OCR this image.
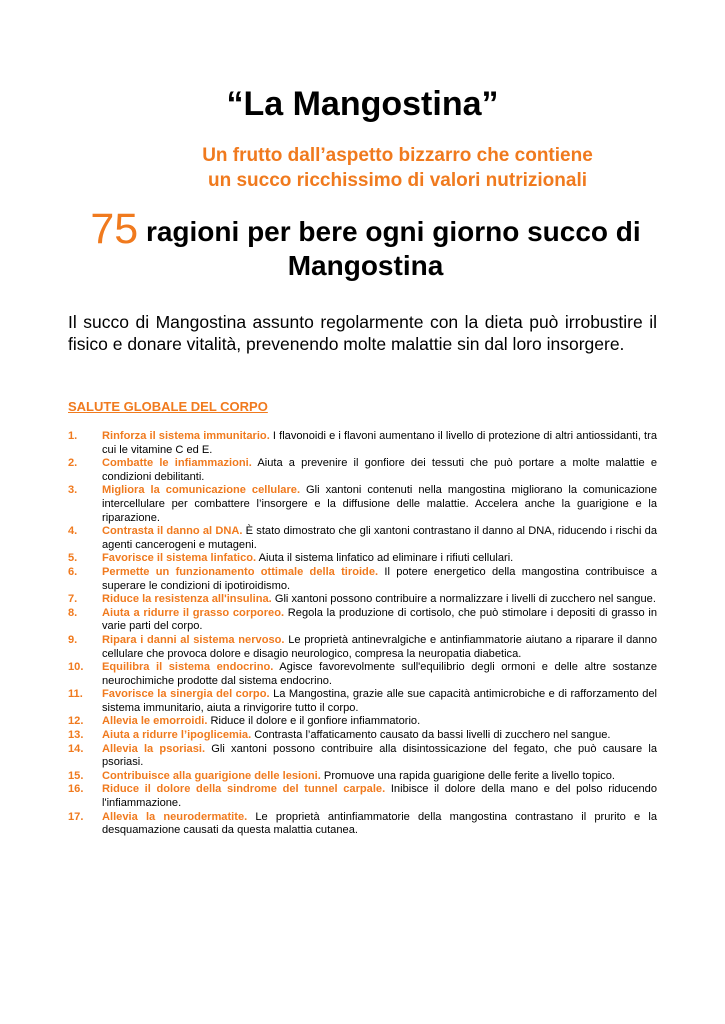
“La Mangostina”

Un frutto dall’aspetto bizzarro che contiene
un succo ricchissimo di valori nutrizionali

75 ragioni per bere ogni giorno succo di Mangostina

Il succo di Mangostina assunto regolarmente con la dieta può irrobustire il fisico e donare vitalità, prevenendo molte malattie sin dal loro insorgere.

SALUTE GLOBALE DEL CORPO

1. Rinforza il sistema immunitario. I flavonoidi e i flavoni aumentano il livello di protezione di altri antiossidanti, tra cui le vitamine C ed E.
2. Combatte le infiammazioni. Aiuta a prevenire il gonfiore dei tessuti che può portare a molte malattie e condizioni debilitanti.
3. Migliora la comunicazione cellulare. Gli xantoni contenuti nella mangostina migliorano la comunicazione intercellulare per combattere l’insorgere e la diffusione delle malattie. Accelera anche la guarigione e la riparazione.
4. Contrasta il danno al DNA. È stato dimostrato che gli xantoni contrastano il danno al DNA, riducendo i rischi da agenti cancerogeni e mutageni.
5. Favorisce il sistema linfatico. Aiuta il sistema linfatico ad eliminare i rifiuti cellulari.
6. Permette un funzionamento ottimale della tiroide. Il potere energetico della mangostina contribuisce a superare le condizioni di ipotiroidismo.
7. Riduce la resistenza all'insulina. Gli xantoni possono contribuire a normalizzare i livelli di zucchero nel sangue.
8. Aiuta a ridurre il grasso corporeo. Regola la produzione di cortisolo, che può stimolare i depositi di grasso in varie parti del corpo.
9. Ripara i danni al sistema nervoso. Le proprietà antinevralgiche e antinfiammatorie aiutano a riparare il danno cellulare che provoca dolore e disagio neurologico, compresa la neuropatia diabetica.
10. Equilibra il sistema endocrino. Agisce favorevolmente sull'equilibrio degli ormoni e delle altre sostanze neurochimiche prodotte dal sistema endocrino.
11. Favorisce la sinergia del corpo. La Mangostina, grazie alle sue capacità antimicrobiche e di rafforzamento del sistema immunitario, aiuta a rinvigorire tutto il corpo.
12. Allevia le emorroidi. Riduce il dolore e il gonfiore infiammatorio.
13. Aiuta a ridurre l’ipoglicemia. Contrasta l’affaticamento causato da bassi livelli di zucchero nel sangue.
14. Allevia la psoriasi. Gli xantoni possono contribuire alla disintossicazione del fegato, che può causare la psoriasi.
15. Contribuisce alla guarigione delle lesioni. Promuove una rapida guarigione delle ferite a livello topico.
16. Riduce il dolore della sindrome del tunnel carpale. Inibisce il dolore della mano e del polso riducendo l'infiammazione.
17. Allevia la neurodermatite. Le proprietà antinfiammatorie della mangostina contrastano il prurito e la desquamazione causati da questa malattia cutanea.
